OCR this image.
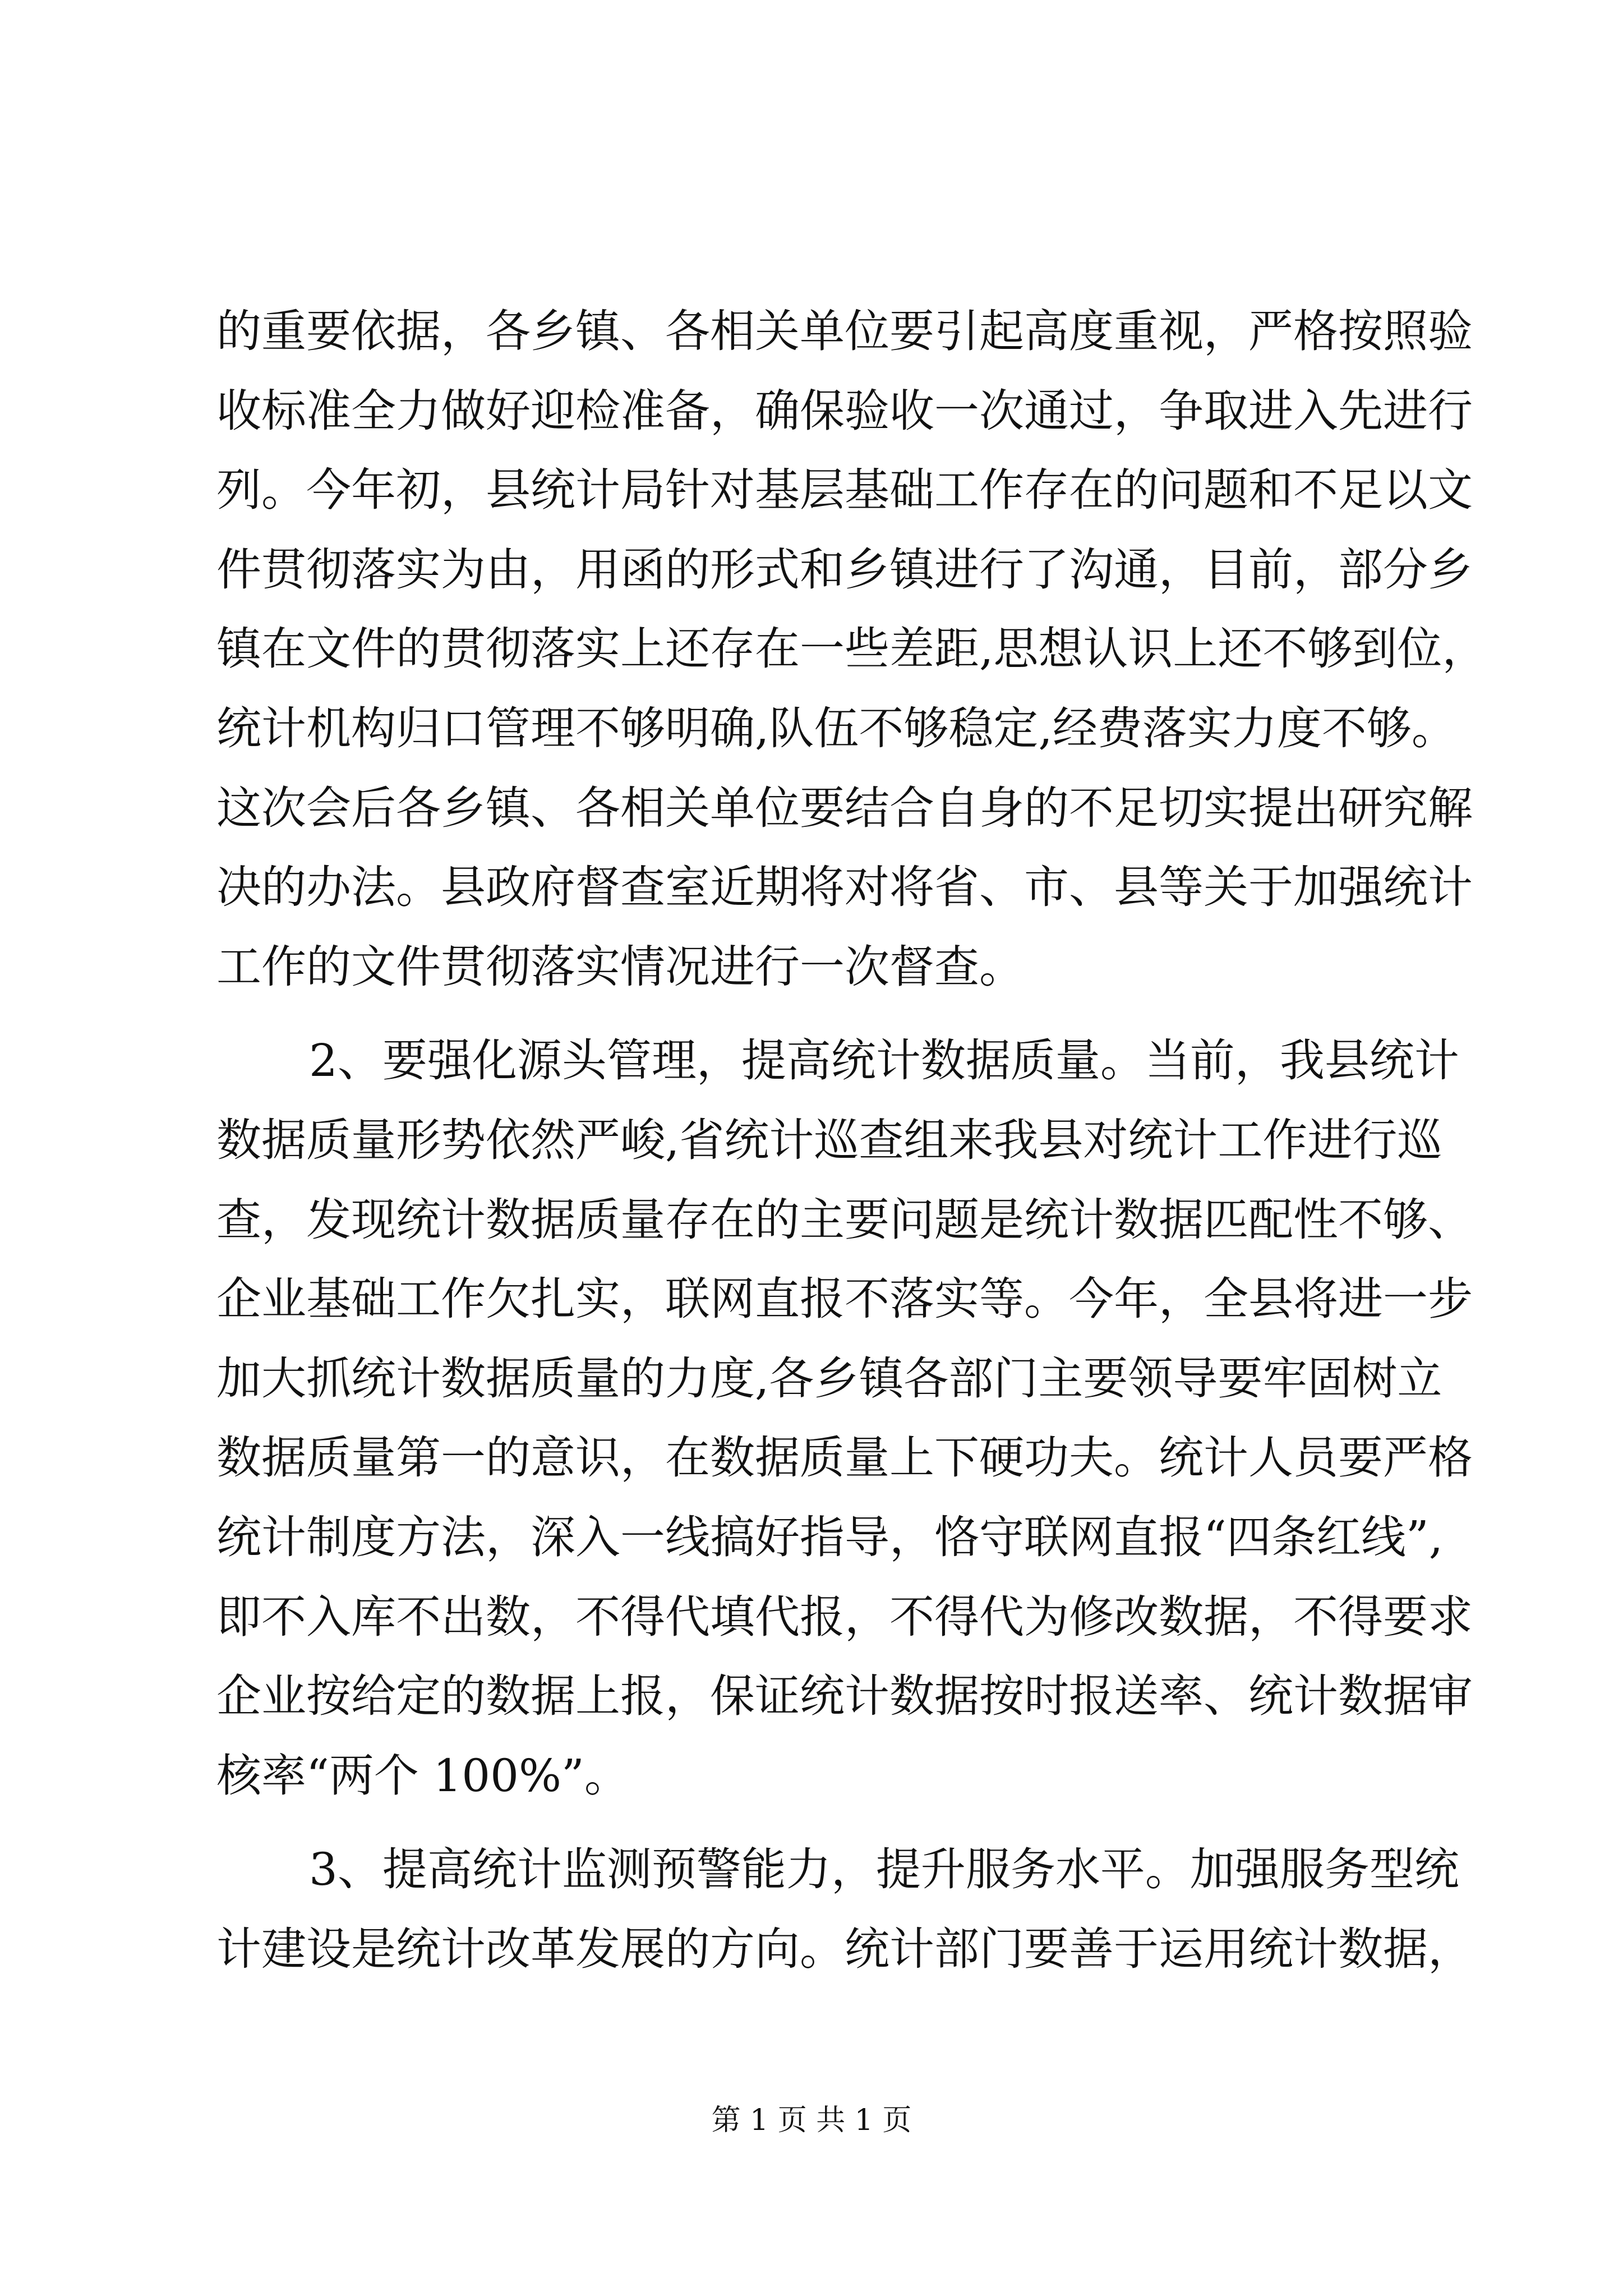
的重要依据，各乡镇、各相关单位要引起高度重视，严格按照验
收标准全力做好迎检准备，确保验收一次通过，争取进入先进行
列。今年初，县统计局针对基层基础工作存在的问题和不足以文
件贯彻落实为由，用函的形式和乡镇进行了沟通，目前，部分乡
镇在文件的贯彻落实上还存在一些差距,思想认识上还不够到位，
统计机构归口管理不够明确,队伍不够稳定,经费落实力度不够。
这次会后各乡镇、各相关单位要结合自身的不足切实提出研究解
决的办法。县政府督查室近期将对将省、市、县等关于加强统计
工作的文件贯彻落实情况进行一次督查。
2、要强化源头管理，提高统计数据质量。当前，我县统计
数据质量形势依然严峻,省统计巡查组来我县对统计工作进行巡
查，发现统计数据质量存在的主要问题是统计数据匹配性不够、
企业基础工作欠扎实，联网直报不落实等。今年，全县将进一步
加大抓统计数据质量的力度,各乡镇各部门主要领导要牢固树立
数据质量第一的意识，在数据质量上下硬功夫。统计人员要严格
统计制度方法，深入一线搞好指导，恪守联网直报“四条红线”,
即不入库不出数，不得代填代报，不得代为修改数据，不得要求
企业按给定的数据上报，保证统计数据按时报送率、统计数据审
核率“两个 100%”。
3、提高统计监测预警能力，提升服务水平。加强服务型统
计建设是统计改革发展的方向。统计部门要善于运用统计数据，
第 1 页 共 1 页
